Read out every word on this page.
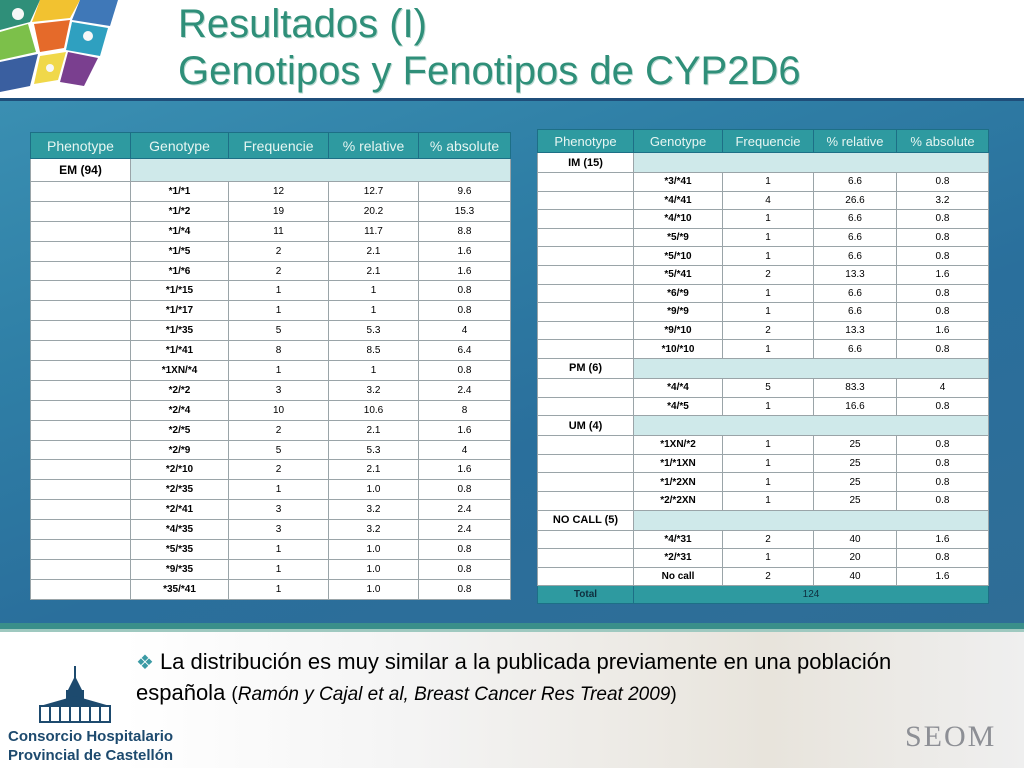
Resultados (I)
Genotipos y Fenotipos de CYP2D6
Phenotype	Genotype	Frequencie	% relative	% absolute
EM (94)				
	*1/*1	12	12.7	9.6
	*1/*2	19	20.2	15.3
	*1/*4	11	11.7	8.8
	*1/*5	2	2.1	1.6
	*1/*6	2	2.1	1.6
	*1/*15	1	1	0.8
	*1/*17	1	1	0.8
	*1/*35	5	5.3	4
	*1/*41	8	8.5	6.4
	*1XN/*4	1	1	0.8
	*2/*2	3	3.2	2.4
	*2/*4	10	10.6	8
	*2/*5	2	2.1	1.6
	*2/*9	5	5.3	4
	*2/*10	2	2.1	1.6
	*2/*35	1	1.0	0.8
	*2/*41	3	3.2	2.4
	*4/*35	3	3.2	2.4
	*5/*35	1	1.0	0.8
	*9/*35	1	1.0	0.8
	*35/*41	1	1.0	0.8
Phenotype	Genotype	Frequencie	% relative	% absolute
IM (15)				
	*3/*41	1	6.6	0.8
	*4/*41	4	26.6	3.2
	*4/*10	1	6.6	0.8
	*5/*9	1	6.6	0.8
	*5/*10	1	6.6	0.8
	*5/*41	2	13.3	1.6
	*6/*9	1	6.6	0.8
	*9/*9	1	6.6	0.8
	*9/*10	2	13.3	1.6
	*10/*10	1	6.6	0.8
PM (6)				
	*4/*4	5	83.3	4
	*4/*5	1	16.6	0.8
UM (4)				
	*1XN/*2	1	25	0.8
	*1/*1XN	1	25	0.8
	*1/*2XN	1	25	0.8
	*2/*2XN	1	25	0.8
NO CALL (5)				
	*4/*31	2	40	1.6
	*2/*31	1	20	0.8
	No call	2	40	1.6
Total	124			
Consorcio Hospitalario
Provincial de Castellón
❖ La distribución es muy similar a la publicada previamente en una población española (Ramón y Cajal et al, Breast Cancer Res Treat 2009)
SEOM
